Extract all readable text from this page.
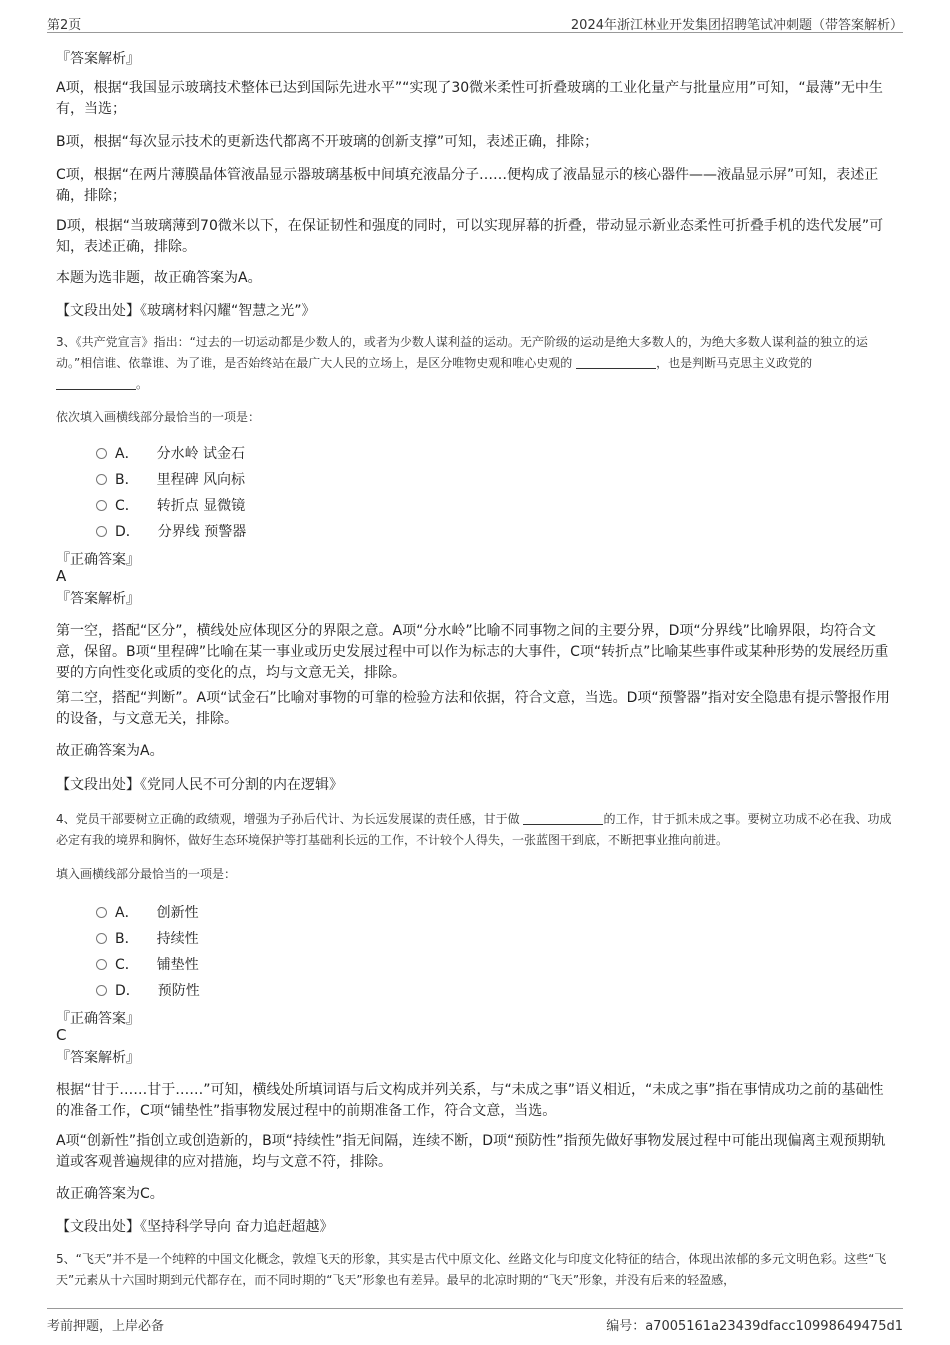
第2页	2024年浙江林业开发集团招聘笔试冲刺题（带答案解析）
『答案解析』
A项，根据“我国显示玻璃技术整体已达到国际先进水平”“实现了30微米柔性可折叠玻璃的工业化量产与批量应用”可知，“最薄”无中生有，当选；
B项，根据“每次显示技术的更新迭代都离不开玻璃的创新支撑”可知，表述正确，排除；
C项，根据“在两片薄膜晶体管液晶显示器玻璃基板中间填充液晶分子……便构成了液晶显示的核心器件——液晶显示屏”可知，表述正确，排除；
D项，根据“当玻璃薄到70微米以下，在保证韧性和强度的同时，可以实现屏幕的折叠，带动显示新业态柔性可折叠手机的迭代发展”可知，表述正确，排除。
本题为选非题，故正确答案为A。
【文段出处】《玻璃材料闪耀“智慧之光”》
3、《共产党宣言》指出：“过去的一切运动都是少数人的，或者为少数人谋利益的运动。无产阶级的运动是绝大多数人的，为绝大多数人谋利益的独立的运动。”相信谁、依靠谁、为了谁，是否始终站在最广大人民的立场上，是区分唯物史观和唯心史观的	，也是判断马克思主义政党的 。
依次填入画横线部分最恰当的一项是：
A． 分水岭 试金石
B． 里程碑 风向标
C． 转折点 显微镜
D． 分界线 预警器
『正确答案』
A
『答案解析』
第一空，搭配“区分”，横线处应体现区分的界限之意。A项“分水岭”比喻不同事物之间的主要分界，D项“分界线”比喻界限，均符合文意，保留。B项“里程碑”比喻在某一事业或历史发展过程中可以作为标志的大事件，C项“转折点”比喻某些事件或某种形势的发展经历重要的方向性变化或质的变化的点，均与文意无关，排除。
第二空，搭配“判断”。A项“试金石”比喻对事物的可靠的检验方法和依据，符合文意，当选。D项“预警器”指对安全隐患有提示警报作用的设备，与文意无关，排除。
故正确答案为A。
【文段出处】《党同人民不可分割的内在逻辑》
4、党员干部要树立正确的政绩观，增强为子孙后代计、为长远发展谋的责任感，甘于做	的工作，甘于抓未成之事。要树立功成不必在我、功成必定有我的境界和胸怀，做好生态环境保护等打基础利长远的工作，不计较个人得失，一张蓝图干到底，不断把事业推向前进。
填入画横线部分最恰当的一项是：
A． 创新性
B． 持续性
C． 铺垫性
D． 预防性
『正确答案』
C
『答案解析』
根据“甘于……甘于……”可知，横线处所填词语与后文构成并列关系，与“未成之事”语义相近，“未成之事”指在事情成功之前的基础性的准备工作，C项“铺垫性”指事物发展过程中的前期准备工作，符合文意，当选。
A项“创新性”指创立或创造新的，B项“持续性”指无间隔，连续不断，D项“预防性”指预先做好事物发展过程中可能出现偏离主观预期轨道或客观普遍规律的应对措施，均与文意不符，排除。
故正确答案为C。
【文段出处】《坚持科学导向 奋力追赶超越》
5、“飞天”并不是一个纯粹的中国文化概念，敦煌飞天的形象，其实是古代中原文化、丝路文化与印度文化特征的结合，体现出浓郁的多元文明色彩。这些“飞天”元素从十六国时期到元代都存在，而不同时期的“飞天”形象也有差异。最早的北凉时期的“飞天”形象，并没有后来的轻盈感，
考前押题，上岸必备	编号：a7005161a23439dfacc10998649475d1
